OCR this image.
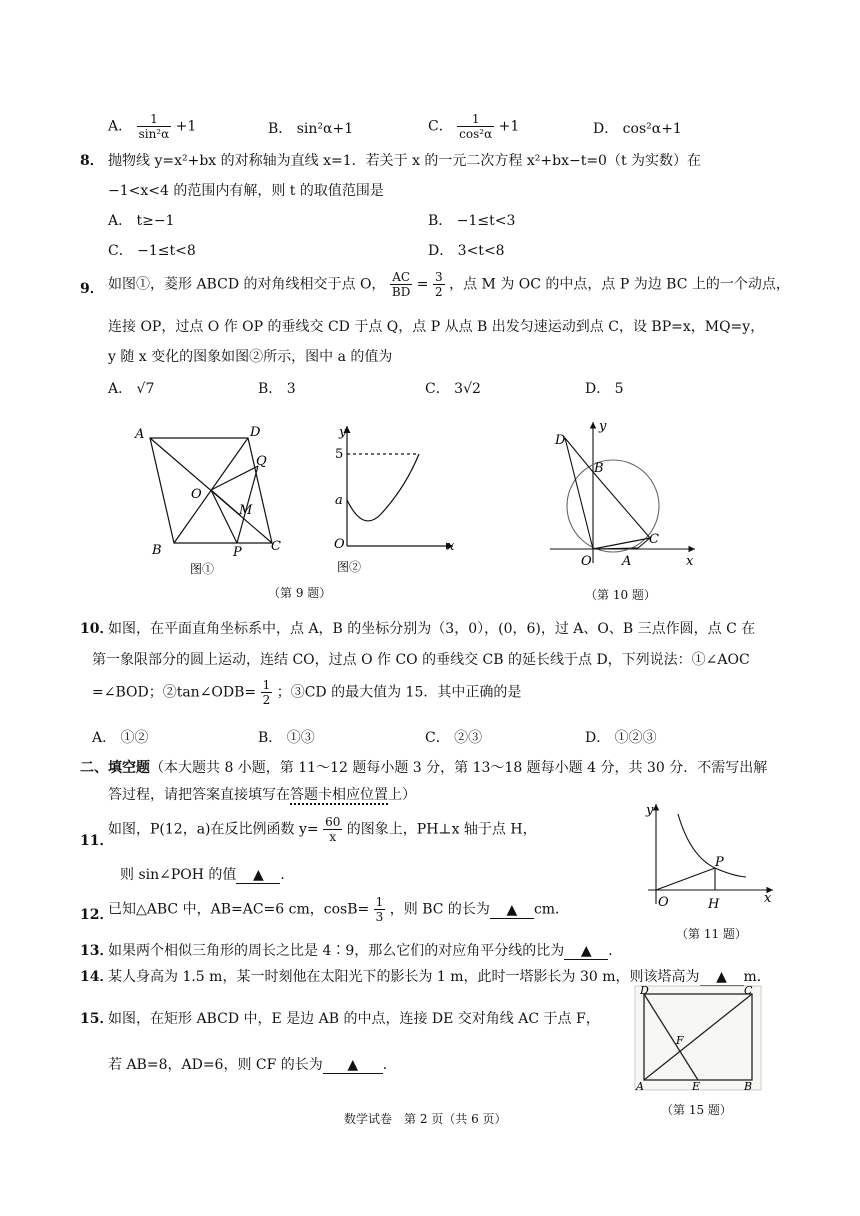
A． $\frac{1}{\text{sin²α}} +1$	B． sin²α+1	C． $\frac{1}{\text{cos²α}} +1$	D． cos²α+1
8． 抛物线 y=x²+bx 的对称轴为直线 x=1．若关于 x 的一元二次方程 x²+bx−t=0（t 为实数）在
−1<x<4 的范围内有解，则 t 的取值范围是
A． t≥−1	B． −1≤t<3
C． −1≤t<8	D． 3<t<8
9． 如图①，菱形 ABCD 的对角线相交于点 O， $\frac{AC}{BD} = \frac{3}{2}$ ，点 M 为 OC 的中点，点 P 为边 BC 上的一个动点，
连接 OP，过点 O 作 OP 的垂线交 CD 于点 Q，点 P 从点 B 出发匀速运动到点 C，设 BP=x，MQ=y，
y 随 x 变化的图象如图②所示，图中 a 的值为
A． √7	B． 3	C． 3√2	D． 5
A	D
Q
O
M
B	P C
图①
y
5
a
O	x
图②
（第 9 题）
y
D
B
C
O A	x
（第 10 题）
10．
如图，在平面直角坐标系中，点 A，B 的坐标分别为（3，0），(0，6)，过 A、O、B 三点作圆，点 C 在
第一象限部分的圆上运动，连结 CO，过点 O 作 CO 的垂线交 CB 的延长线于点 D，下列说法：①∠AOC
=∠BOD；②tan∠ODB= $\frac{1}{2}$ ；③CD 的最大值为 15．其中正确的是
A． ①②	B． ①③	C． ②③	D． ①②③
二、填空题（本大题共 8 小题，第 11～12 题每小题 3 分，第 13～18 题每小题 4 分，共 30 分．不需写出解
答过程，请把答案直接填写在答题卡相应位置上）
11．
如图，P(12，a)在反比例函数 $y= \frac{60}{x}$ 的图象上，PH⊥x 轴于点 H，
则 sin∠POH 的值 ▲ ．
y
P
O	H	x
（第 11 题）
12．
已知△ABC 中，AB=AC=6 cm，$\cos B= \frac{1}{3}$ ，则 BC 的长为 ▲ cm．
13．
如果两个相似三角形的周长之比是 4∶9，那么它们的对应角平分线的比为 ▲ ．
14．
某人身高为 1.5 m，某一时刻他在太阳光下的影长为 1 m，此时一塔影长为 30 m，则该塔高为 ▲ m．
15．
如图，在矩形 ABCD 中，E 是边 AB 的中点，连接 DE 交对角线 AC 于点 F，
若 AB=8，AD=6，则 CF 的长为 ▲ ．
D	C
F
A	E	B
（第 15 题）
数学试卷　第 2 页（共 6 页）
